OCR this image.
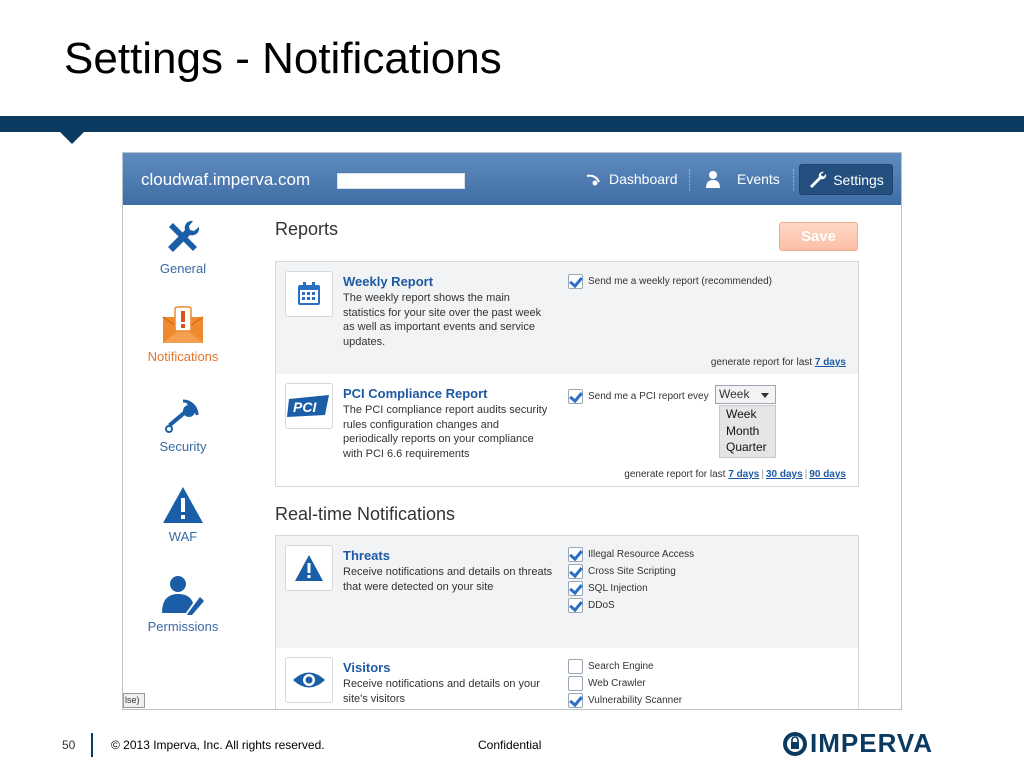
Settings - Notifications
cloudwaf.imperva.com	Dashboard	Events	Settings
General
Notifications
Security
WAF
Permissions
Reports	Save
Weekly Report
The weekly report shows the main statistics for your site over the past week as well as important events and service updates.
Send me a weekly report (recommended)
generate report for last 7 days
PCI
PCI Compliance Report
The PCI compliance report audits security rules configuration changes and periodically reports on your compliance with PCI 6.6 requirements
Send me a PCI report evey
generate report for last 7 days | 30 days | 90 days
Week
Week
Month
Quarter
Real-time Notifications
Threats
Receive notifications and details on threats that were detected on your site
Illegal Resource Access
Cross Site Scripting
SQL Injection
DDoS
Visitors
Receive notifications and details on your site's visitors
Search Engine
Web Crawler
Vulnerability Scanner
lse)
50	© 2013 Imperva, Inc. All rights reserved.	Confidential	IMPERVA
